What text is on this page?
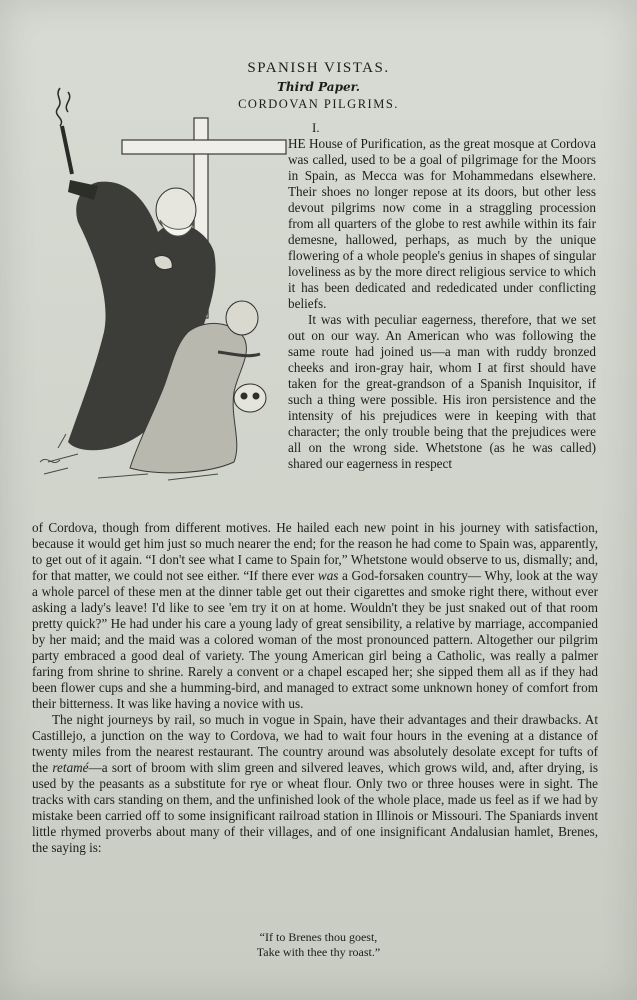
SPANISH VISTAS.
Third Paper.
CORDOVAN PILGRIMS.
I.

HE House of Purification, as the great mosque at Cordova was called, used to be a goal of pilgrimage for the Moors in Spain, as Mecca was for Mohammedans elsewhere. Their shoes no longer repose at its doors, but other less devout pilgrims now come in a straggling procession from all quarters of the globe to rest awhile within its fair demesne, hallowed, perhaps, as much by the unique flowering of a whole people's genius in shapes of singular loveliness as by the more direct religious service to which it has been dedicated and rededicated under conflicting beliefs.

It was with peculiar eagerness, therefore, that we set out on our way. An American who was following the same route had joined us—a man with ruddy bronzed cheeks and iron-gray hair, whom I at first should have taken for the great-grandson of a Spanish Inquisitor, if such a thing were possible. His iron persistence and the intensity of his prejudices were in keeping with that character; the only trouble being that the prejudices were all on the wrong side. Whetstone (as he was called) shared our eagerness in respect

of Cordova, though from different motives. He hailed each new point in his journey with satisfaction, because it would get him just so much nearer the end; for the reason he had come to Spain was, apparently, to get out of it again. “I don't see what I came to Spain for,” Whetstone would observe to us, dismally; and, for that matter, we could not see either. “If there ever was a God-forsaken country— Why, look at the way a whole parcel of these men at the dinner table get out their cigarettes and smoke right there, without ever asking a lady's leave! I'd like to see 'em try it on at home. Wouldn't they be just snaked out of that room pretty quick?” He had under his care a young lady of great sensibility, a relative by marriage, accompanied by her maid; and the maid was a colored woman of the most pronounced pattern. Altogether our pilgrim party embraced a good deal of variety. The young American girl being a Catholic, was really a palmer faring from shrine to shrine. Rarely a convent or a chapel escaped her; she sipped them all as if they had been flower cups and she a humming-bird, and managed to extract some unknown honey of comfort from their bitterness. It was like having a novice with us.

The night journeys by rail, so much in vogue in Spain, have their advantages and their drawbacks. At Castillejo, a junction on the way to Cordova, we had to wait four hours in the evening at a distance of twenty miles from the nearest restaurant. The country around was absolutely desolate except for tufts of the retamé—a sort of broom with slim green and silvered leaves, which grows wild, and, after drying, is used by the peasants as a substitute for rye or wheat flour. Only two or three houses were in sight. The tracks with cars standing on them, and the unfinished look of the whole place, made us feel as if we had by mistake been carried off to some insignificant railroad station in Illinois or Missouri. The Spaniards invent little rhymed proverbs about many of their villages, and of one insignificant Andalusian hamlet, Brenes, the saying is:

“If to Brenes thou goest,
Take with thee thy roast.”
